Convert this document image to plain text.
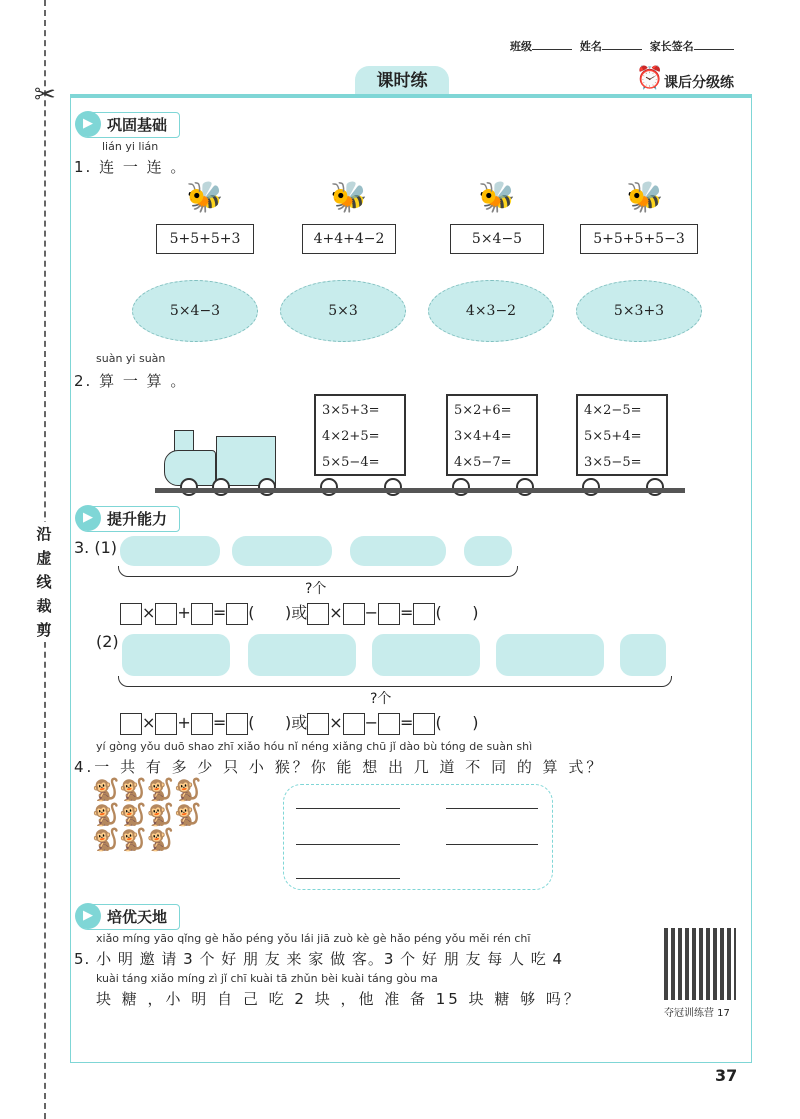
✂
沿
虚
线
裁
剪
班级	姓名	家长签名
课时练	⏰ 课后分级练
▶ 巩固基础
lián yi lián
1. 连 一 连 。
🐝	🐝	🐝	🐝
5+5+5+3	4+4+4−2	5×4−5	5+5+5+5−3
5×4−3	5×3	4×3−2	5×3+3
suàn yi suàn
2. 算 一 算 。
3×5+3=
4×2+5=
5×5−4=
5×2+6=
3×4+4=
4×5−7=
4×2−5=
5×5+4=
3×5−5=
▶ 提升能力
3. (1)
?个
× + = ( )或 × − = ( )
(2)
?个
× + = ( )或 × − = ( )
yí gòng yǒu duō shao zhī xiǎo hóu nǐ néng xiǎng chū jǐ dào bù tóng de suàn shì
4.一 共 有 多 少 只 小 猴？你 能 想 出 几 道 不 同 的 算 式？
🐒🐒🐒🐒
🐒🐒🐒🐒
🐒🐒🐒
▶ 培优天地
xiǎo míng yāo qǐng gè hǎo péng yǒu lái jiā zuò kè gè hǎo péng yǒu měi rén chī
5. 小 明 邀 请 3 个 好 朋 友 来 家 做 客。3 个 好 朋 友 每 人 吃 4
kuài táng xiǎo míng zì jǐ chī kuài tā zhǔn bèi kuài táng gòu ma
块 糖 ，小 明 自 己 吃 2 块 ，他 准 备 15 块 糖 够 吗？
夺冠训练营 17
37
